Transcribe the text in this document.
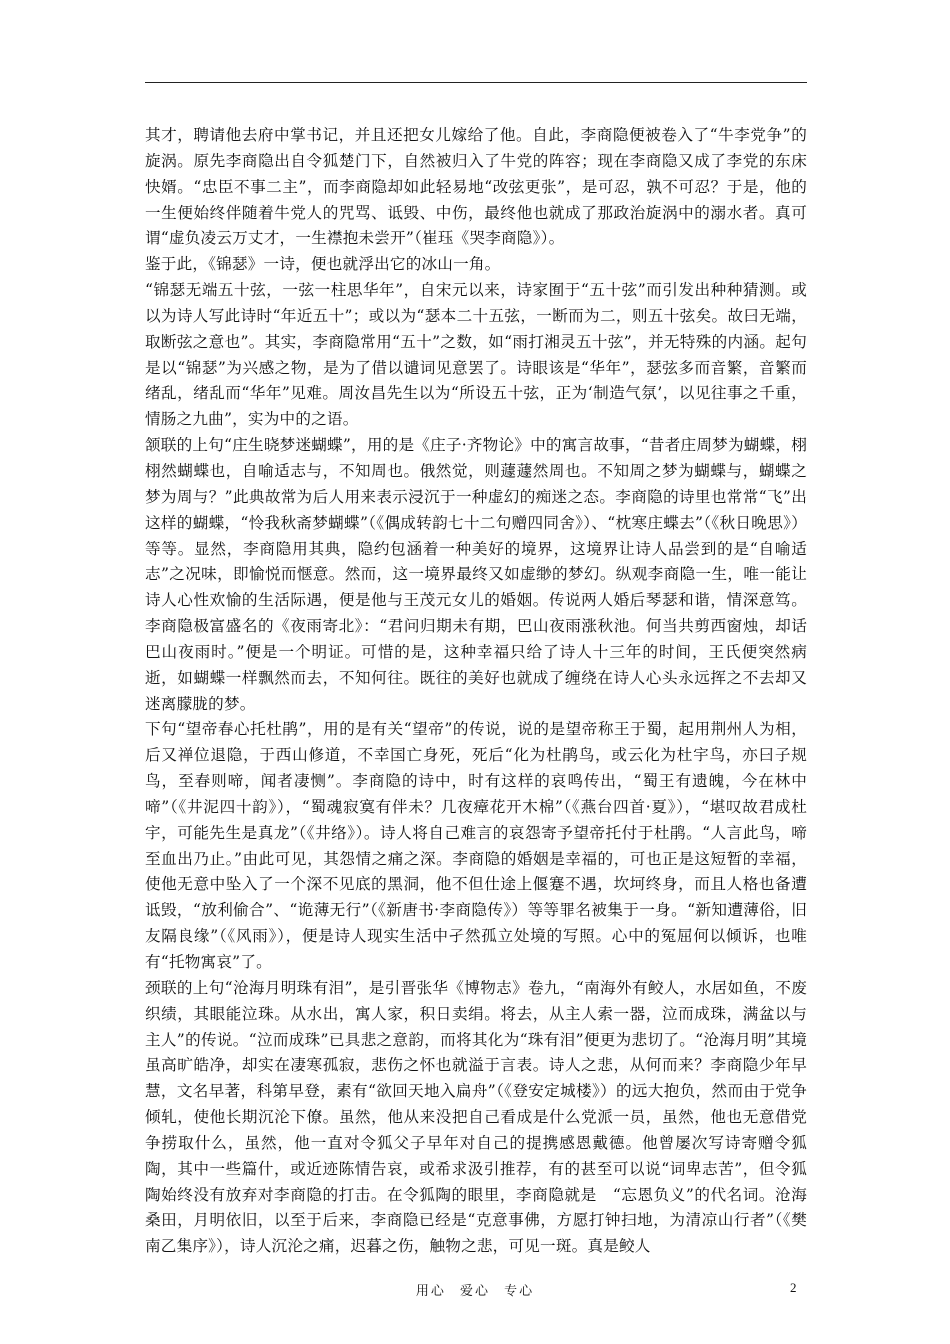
其才，聘请他去府中掌书记，并且还把女儿嫁给了他。自此，李商隐便被卷入了“牛李党争”的旋涡。原先李商隐出自令狐楚门下，自然被归入了牛党的阵容；现在李商隐又成了李党的东床快婿。“忠臣不事二主”，而李商隐却如此轻易地“改弦更张”，是可忍，孰不可忍？于是，他的一生便始终伴随着牛党人的咒骂、诋毁、中伤，最终他也就成了那政治旋涡中的溺水者。真可谓“虚负凌云万丈才，一生襟抱未尝开”（崔珏《哭李商隐》）。

鉴于此，《锦瑟》一诗，便也就浮出它的冰山一角。

“锦瑟无端五十弦，一弦一柱思华年”，自宋元以来，诗家囿于“五十弦”而引发出种种猜测。或以为诗人写此诗时“年近五十”；或以为“瑟本二十五弦，一断而为二，则五十弦矣。故曰无端，取断弦之意也”。其实，李商隐常用“五十”之数，如“雨打湘灵五十弦”，并无特殊的内涵。起句是以“锦瑟”为兴感之物，是为了借以谴词见意罢了。诗眼该是“华年”，瑟弦多而音繁，音繁而绪乱，绪乱而“华年”见难。周汝昌先生以为“所设五十弦，正为‘制造气氛’，以见往事之千重，情肠之九曲”，实为中的之语。

颔联的上句“庄生晓梦迷蝴蝶”，用的是《庄子·齐物论》中的寓言故事，“昔者庄周梦为蝴蝶，栩栩然蝴蝶也，自喻适志与，不知周也。俄然觉，则蘧蘧然周也。不知周之梦为蝴蝶与，蝴蝶之梦为周与？”此典故常为后人用来表示浸沉于一种虚幻的痴迷之态。李商隐的诗里也常常“飞”出这样的蝴蝶，“怜我秋斋梦蝴蝶”（《偶成转韵七十二句赠四同舍》）、“枕寒庄蝶去”（《秋日晚思》）等等。显然，李商隐用其典，隐约包涵着一种美好的境界，这境界让诗人品尝到的是“自喻适志”之况味，即愉悦而惬意。然而，这一境界最终又如虚缈的梦幻。纵观李商隐一生，唯一能让诗人心性欢愉的生活际遇，便是他与王茂元女儿的婚姻。传说两人婚后琴瑟和谐，情深意笃。李商隐极富盛名的《夜雨寄北》：“君问归期未有期，巴山夜雨涨秋池。何当共剪西窗烛，却话巴山夜雨时。”便是一个明证。可惜的是，这种幸福只给了诗人十三年的时间，王氏便突然病逝，如蝴蝶一样飘然而去，不知何往。既往的美好也就成了缠绕在诗人心头永远挥之不去却又迷离朦胧的梦。

下句“望帝春心托杜鹃”，用的是有关“望帝”的传说，说的是望帝称王于蜀，起用荆州人为相，后又禅位退隐，于西山修道，不幸国亡身死，死后“化为杜鹃鸟，或云化为杜宇鸟，亦曰子规鸟，至春则啼，闻者凄恻”。李商隐的诗中，时有这样的哀鸣传出，“蜀王有遗魄，今在林中啼”（《井泥四十韵》），“蜀魂寂寞有伴未？几夜瘴花开木棉”（《燕台四首·夏》），“堪叹故君成杜宇，可能先生是真龙”（《井络》）。诗人将自己难言的哀怨寄予望帝托付于杜鹃。“人言此鸟，啼至血出乃止。”由此可见，其怨情之痛之深。李商隐的婚姻是幸福的，可也正是这短暂的幸福，使他无意中坠入了一个深不见底的黑洞，他不但仕途上偃蹇不遇，坎坷终身，而且人格也备遭诋毁，“放利偷合”、“诡薄无行”（《新唐书·李商隐传》）等等罪名被集于一身。“新知遭薄俗，旧友隔良缘”（《风雨》），便是诗人现实生活中孑然孤立处境的写照。心中的冤屈何以倾诉，也唯有“托物寓哀”了。

颈联的上句“沧海月明珠有泪”，是引晋张华《博物志》卷九，“南海外有鲛人，水居如鱼，不废织绩，其眼能泣珠。从水出，寓人家，积日卖绢。将去，从主人索一器，泣而成珠，满盆以与主人”的传说。“泣而成珠”已具悲之意韵，而将其化为“珠有泪”便更为悲切了。“沧海月明”其境虽高旷皓净，却实在凄寒孤寂，悲伤之怀也就溢于言表。诗人之悲，从何而来？李商隐少年早慧，文名早著，科第早登，素有“欲回天地入扁舟”（《登安定城楼》）的远大抱负，然而由于党争倾轧，使他长期沉沦下僚。虽然，他从来没把自己看成是什么党派一员，虽然，他也无意借党争捞取什么，虽然，他一直对令狐父子早年对自己的提携感恩戴德。他曾屡次写诗寄赠令狐陶，其中一些篇什，或近迹陈情告哀，或希求汲引推荐，有的甚至可以说“词卑志苦”，但令狐陶始终没有放弃对李商隐的打击。在令狐陶的眼里，李商隐就是　“忘恩负义”的代名词。沧海桑田，月明依旧，以至于后来，李商隐已经是“克意事佛，方愿打钟扫地，为清凉山行者”（《樊南乙集序》），诗人沉沦之痛，迟暮之伤，触物之悲，可见一斑。真是鲛人

用心 爱心 专心	2
